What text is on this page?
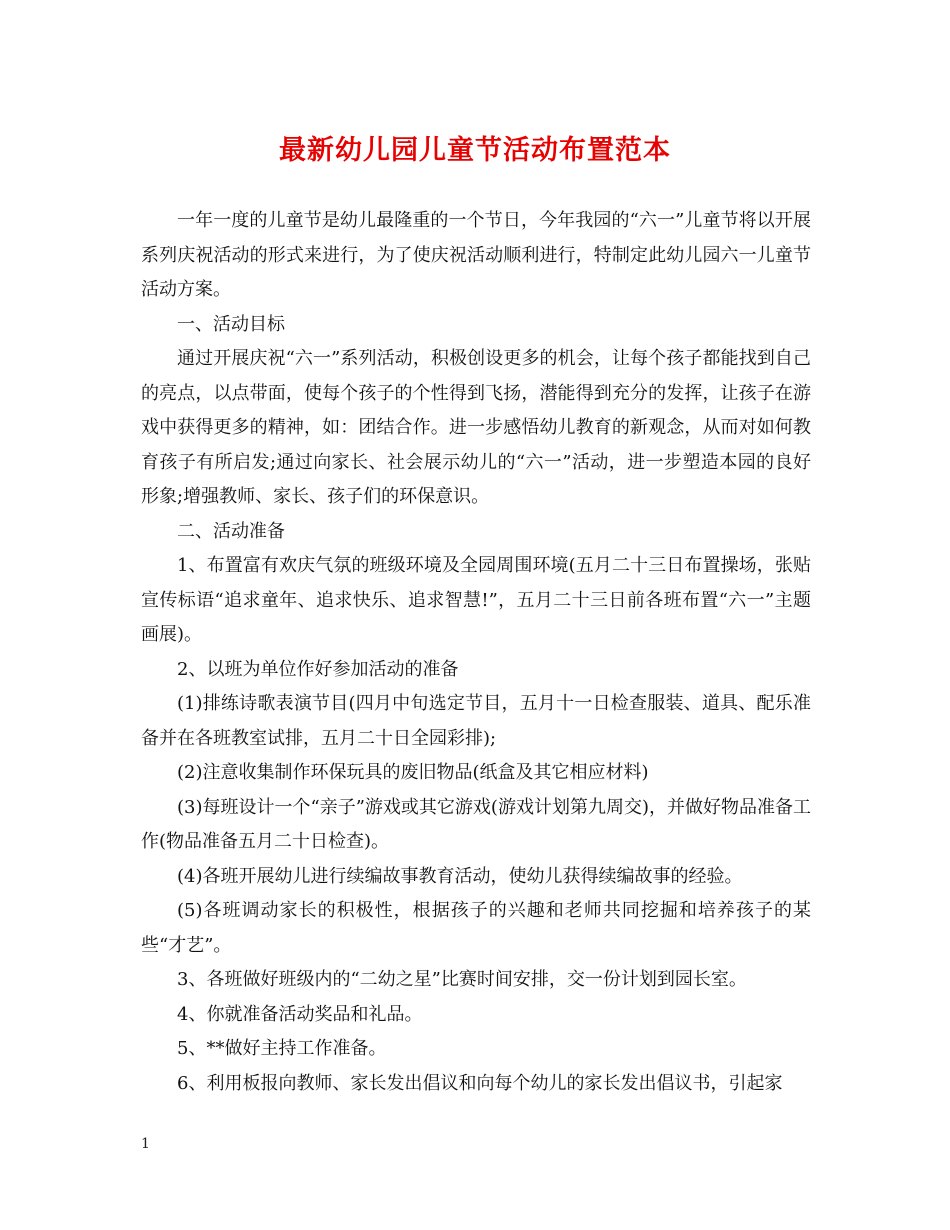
最新幼儿园儿童节活动布置范本

一年一度的儿童节是幼儿最隆重的一个节日，今年我园的“六一”儿童节将以开展系列庆祝活动的形式来进行，为了使庆祝活动顺利进行，特制定此幼儿园六一儿童节活动方案。

一、活动目标

通过开展庆祝“六一”系列活动，积极创设更多的机会，让每个孩子都能找到自己的亮点，以点带面，使每个孩子的个性得到飞扬，潜能得到充分的发挥，让孩子在游戏中获得更多的精神，如：团结合作。进一步感悟幼儿教育的新观念，从而对如何教育孩子有所启发;通过向家长、社会展示幼儿的“六一”活动，进一步塑造本园的良好形象;增强教师、家长、孩子们的环保意识。

二、活动准备

1、布置富有欢庆气氛的班级环境及全园周围环境(五月二十三日布置操场，张贴宣传标语“追求童年、追求快乐、追求智慧!”，五月二十三日前各班布置“六一”主题画展)。

2、以班为单位作好参加活动的准备

(1)排练诗歌表演节目(四月中旬选定节目，五月十一日检查服装、道具、配乐准备并在各班教室试排，五月二十日全园彩排);

(2)注意收集制作环保玩具的废旧物品(纸盒及其它相应材料)

(3)每班设计一个“亲子”游戏或其它游戏(游戏计划第九周交)，并做好物品准备工作(物品准备五月二十日检查)。

(4)各班开展幼儿进行续编故事教育活动，使幼儿获得续编故事的经验。

(5)各班调动家长的积极性，根据孩子的兴趣和老师共同挖掘和培养孩子的某些“才艺”。

3、各班做好班级内的“二幼之星”比赛时间安排，交一份计划到园长室。

4、你就准备活动奖品和礼品。

5、**做好主持工作准备。

6、利用板报向教师、家长发出倡议和向每个幼儿的家长发出倡议书，引起家

1
